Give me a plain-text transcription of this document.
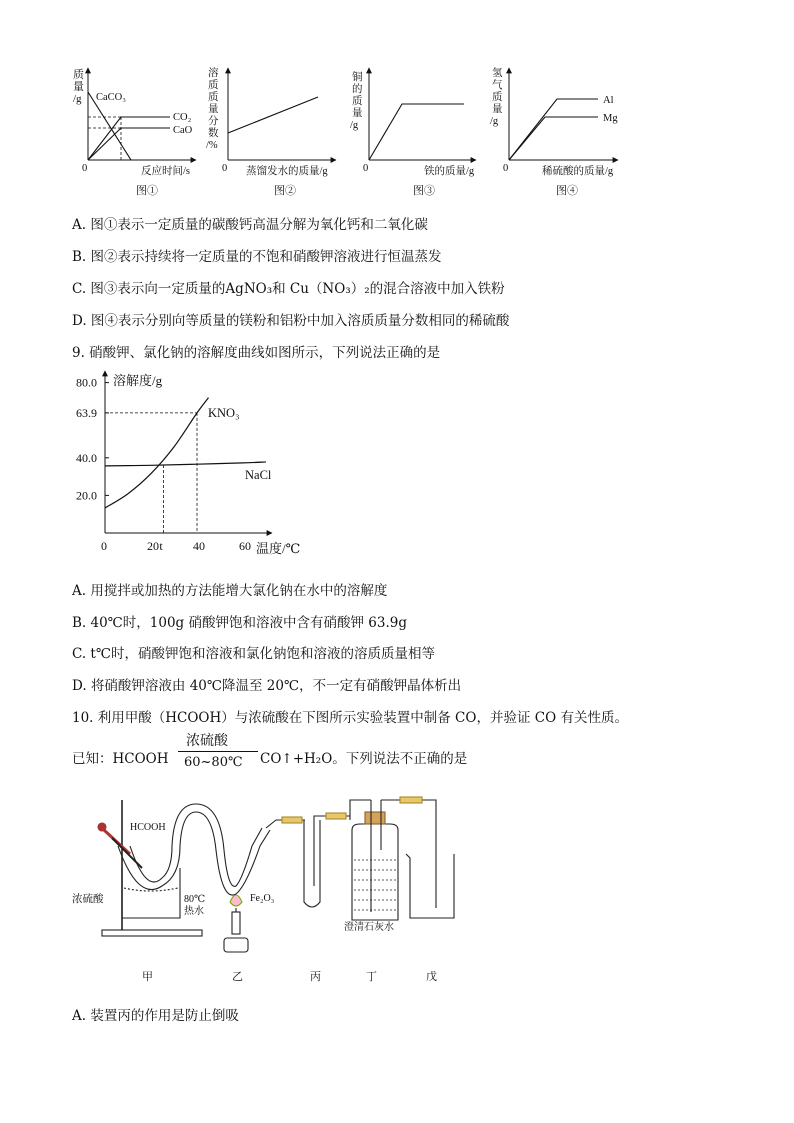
质
量
/g CaCO₃
CO₂
CaO
0	反应时间/s
图①
溶
质
质
量
分
数
/%
0 蒸馏发水的质量/g
图②
铜
的
质
量
/g
0	铁的质量/g
图③
氢
气
质
量
/g
Al
Mg
0	稀硫酸的质量/g
图④
A. 图①表示一定质量的碳酸钙高温分解为氧化钙和二氧化碳
B. 图②表示持续将一定质量的不饱和硝酸钾溶液进行恒温蒸发
C. 图③表示向一定质量的AgNO₃和 Cu（NO₃）₂的混合溶液中加入铁粉
D. 图④表示分别向等质量的镁粉和铝粉中加入溶质质量分数相同的稀硫酸
9. 硝酸钾、氯化钠的溶解度曲线如图所示，下列说法正确的是
80.0
63.9
40.0
20.0
0	20 t	40	60
溶解度/g
温度/℃
KNO₃
NaCl
A. 用搅拌或加热的方法能增大氯化钠在水中的溶解度
B. 40℃时，100g 硝酸钾饱和溶液中含有硝酸钾 63.9g
C. t℃时，硝酸钾饱和溶液和氯化钠饱和溶液的溶质质量相等
D. 将硝酸钾溶液由 40℃降温至 20℃，不一定有硝酸钾晶体析出
10. 利用甲酸（HCOOH）与浓硫酸在下图所示实验装置中制备 CO，并验证 CO 有关性质。
已知：HCOOH
浓硫酸
60~80℃ CO↑+H₂O。下列说法不正确的是
HCOOH
浓硫酸	80℃
热水
Fe₂O₃
澄清石灰水
甲	乙	丙	丁	戊
A. 装置丙的作用是防止倒吸
